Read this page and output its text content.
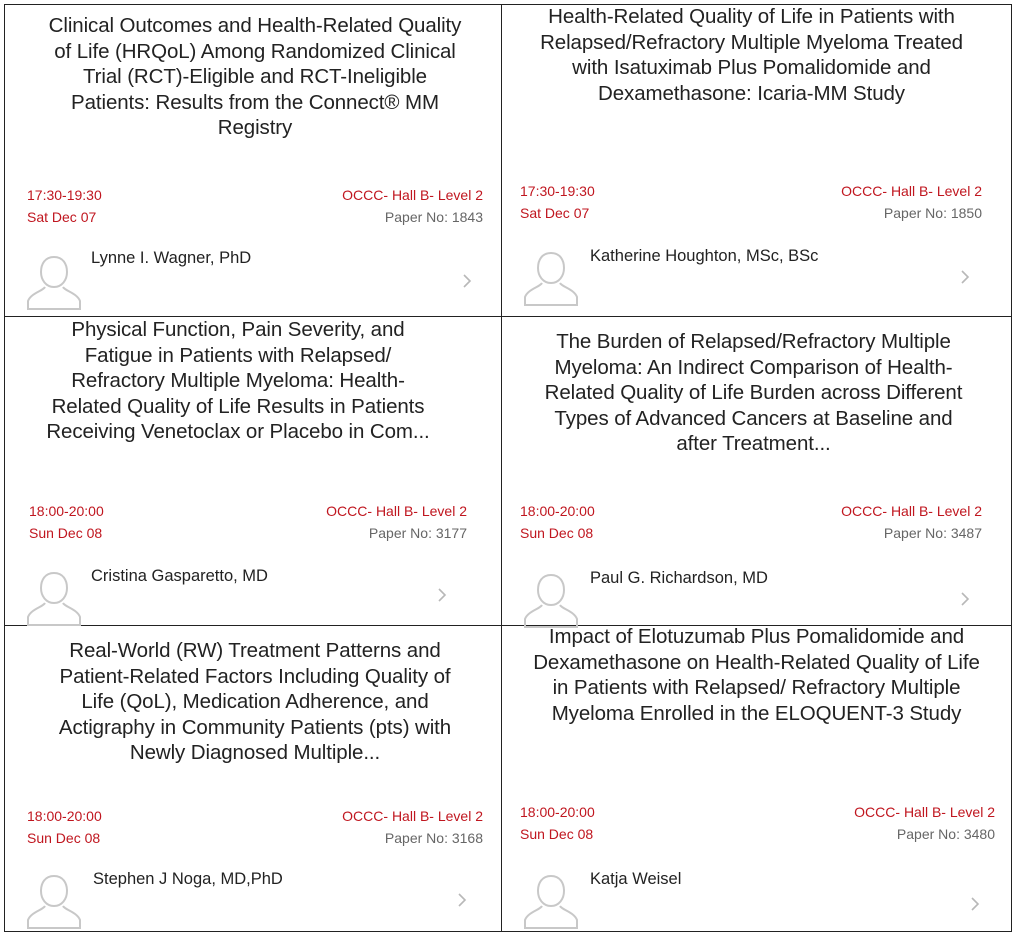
Clinical Outcomes and Health-Related Quality of Life (HRQoL) Among Randomized Clinical Trial (RCT)-Eligible and RCT-Ineligible Patients: Results from the Connect® MM Registry
17:30-19:30
Sat Dec 07
OCCC- Hall B- Level 2
Paper No: 1843
Lynne I. Wagner, PhD
Health-Related Quality of Life in Patients with Relapsed/Refractory Multiple Myeloma Treated with Isatuximab Plus Pomalidomide and Dexamethasone: Icaria-MM Study
17:30-19:30
Sat Dec 07
OCCC- Hall B- Level 2
Paper No: 1850
Katherine Houghton, MSc, BSc
Physical Function, Pain Severity, and Fatigue in Patients with Relapsed/ Refractory Multiple Myeloma: Health-Related Quality of Life Results in Patients Receiving Venetoclax or Placebo in Com...
18:00-20:00
Sun Dec 08
OCCC- Hall B- Level 2
Paper No: 3177
Cristina Gasparetto, MD
The Burden of Relapsed/Refractory Multiple Myeloma: An Indirect Comparison of Health-Related Quality of Life Burden across Different Types of Advanced Cancers at Baseline and after Treatment...
18:00-20:00
Sun Dec 08
OCCC- Hall B- Level 2
Paper No: 3487
Paul G. Richardson, MD
Real-World (RW) Treatment Patterns and Patient-Related Factors Including Quality of Life (QoL), Medication Adherence, and Actigraphy in Community Patients (pts) with Newly Diagnosed Multiple...
18:00-20:00
Sun Dec 08
OCCC- Hall B- Level 2
Paper No: 3168
Stephen J Noga, MD,PhD
Impact of Elotuzumab Plus Pomalidomide and Dexamethasone on Health-Related Quality of Life in Patients with Relapsed/ Refractory Multiple Myeloma Enrolled in the ELOQUENT-3 Study
18:00-20:00
Sun Dec 08
OCCC- Hall B- Level 2
Paper No: 3480
Katja Weisel
